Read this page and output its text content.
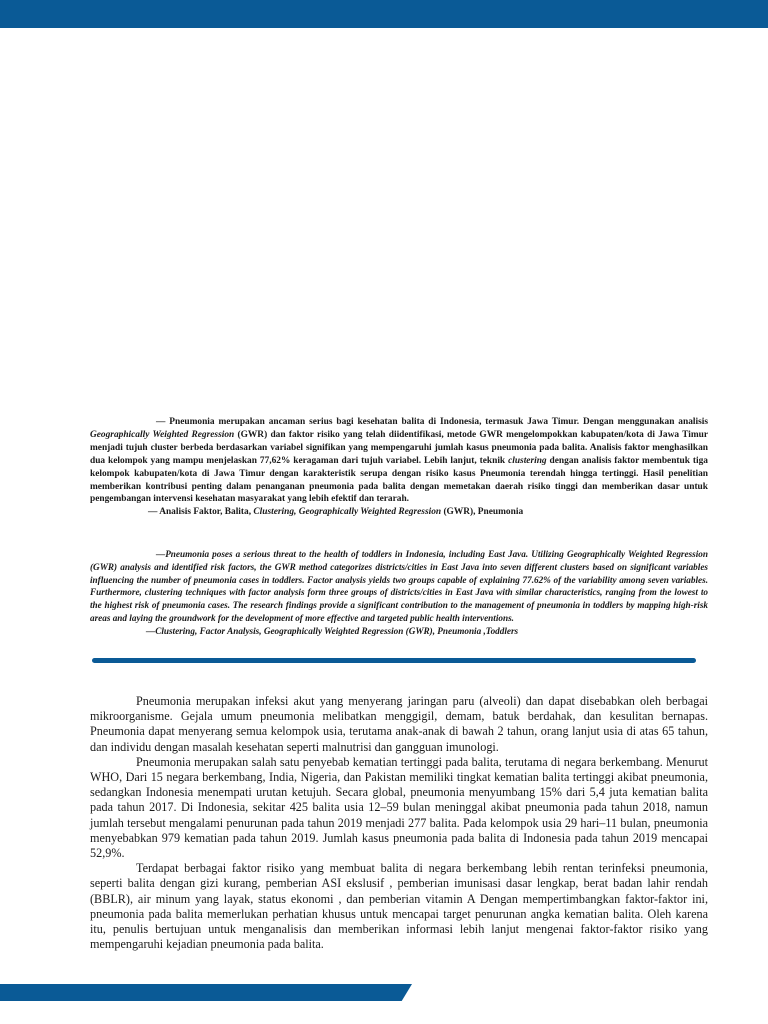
— Pneumonia merupakan ancaman serius bagi kesehatan balita di Indonesia, termasuk Jawa Timur. Dengan menggunakan analisis Geographically Weighted Regression (GWR) dan faktor risiko yang telah diidentifikasi, metode GWR mengelompokkan kabupaten/kota di Jawa Timur menjadi tujuh cluster berbeda berdasarkan variabel signifikan yang mempengaruhi jumlah kasus pneumonia pada balita. Analisis faktor menghasilkan dua kelompok yang mampu menjelaskan 77,62% keragaman dari tujuh variabel. Lebih lanjut, teknik clustering dengan analisis faktor membentuk tiga kelompok kabupaten/kota di Jawa Timur dengan karakteristik serupa dengan risiko kasus Pneumonia terendah hingga tertinggi. Hasil penelitian memberikan kontribusi penting dalam penanganan pneumonia pada balita dengan memetakan daerah risiko tinggi dan memberikan dasar untuk pengembangan intervensi kesehatan masyarakat yang lebih efektif dan terarah.
— Analisis Faktor, Balita, Clustering, Geographically Weighted Regression (GWR), Pneumonia
—Pneumonia poses a serious threat to the health of toddlers in Indonesia, including East Java. Utilizing Geographically Weighted Regression (GWR) analysis and identified risk factors, the GWR method categorizes districts/cities in East Java into seven different clusters based on significant variables influencing the number of pneumonia cases in toddlers. Factor analysis yields two groups capable of explaining 77.62% of the variability among seven variables. Furthermore, clustering techniques with factor analysis form three groups of districts/cities in East Java with similar characteristics, ranging from the lowest to the highest risk of pneumonia cases. The research findings provide a significant contribution to the management of pneumonia in toddlers by mapping high-risk areas and laying the groundwork for the development of more effective and targeted public health interventions.
—Clustering, Factor Analysis, Geographically Weighted Regression (GWR), Pneumonia ,Toddlers

Pneumonia merupakan infeksi akut yang menyerang jaringan paru (alveoli) dan dapat disebabkan oleh berbagai mikroorganisme. Gejala umum pneumonia melibatkan menggigil, demam, batuk berdahak, dan kesulitan bernapas. Pneumonia dapat menyerang semua kelompok usia, terutama anak-anak di bawah 2 tahun, orang lanjut usia di atas 65 tahun, dan individu dengan masalah kesehatan seperti malnutrisi dan gangguan imunologi.

Pneumonia merupakan salah satu penyebab kematian tertinggi pada balita, terutama di negara berkembang. Menurut WHO, Dari 15 negara berkembang, India, Nigeria, dan Pakistan memiliki tingkat kematian balita tertinggi akibat pneumonia, sedangkan Indonesia menempati urutan ketujuh. Secara global, pneumonia menyumbang 15% dari 5,4 juta kematian balita pada tahun 2017. Di Indonesia, sekitar 425 balita usia 12–59 bulan meninggal akibat pneumonia pada tahun 2018, namun jumlah tersebut mengalami penurunan pada tahun 2019 menjadi 277 balita. Pada kelompok usia 29 hari–11 bulan, pneumonia menyebabkan 979 kematian pada tahun 2019. Jumlah kasus pneumonia pada balita di Indonesia pada tahun 2019 mencapai 52,9%.

Terdapat berbagai faktor risiko yang membuat balita di negara berkembang lebih rentan terinfeksi pneumonia, seperti balita dengan gizi kurang, pemberian ASI ekslusif , pemberian imunisasi dasar lengkap, berat badan lahir rendah (BBLR), air minum yang layak, status ekonomi , dan pemberian vitamin A Dengan mempertimbangkan faktor-faktor ini, pneumonia pada balita memerlukan perhatian khusus untuk mencapai target penurunan angka kematian balita. Oleh karena itu, penulis bertujuan untuk menganalisis dan memberikan informasi lebih lanjut mengenai faktor-faktor risiko yang mempengaruhi kejadian pneumonia pada balita.
